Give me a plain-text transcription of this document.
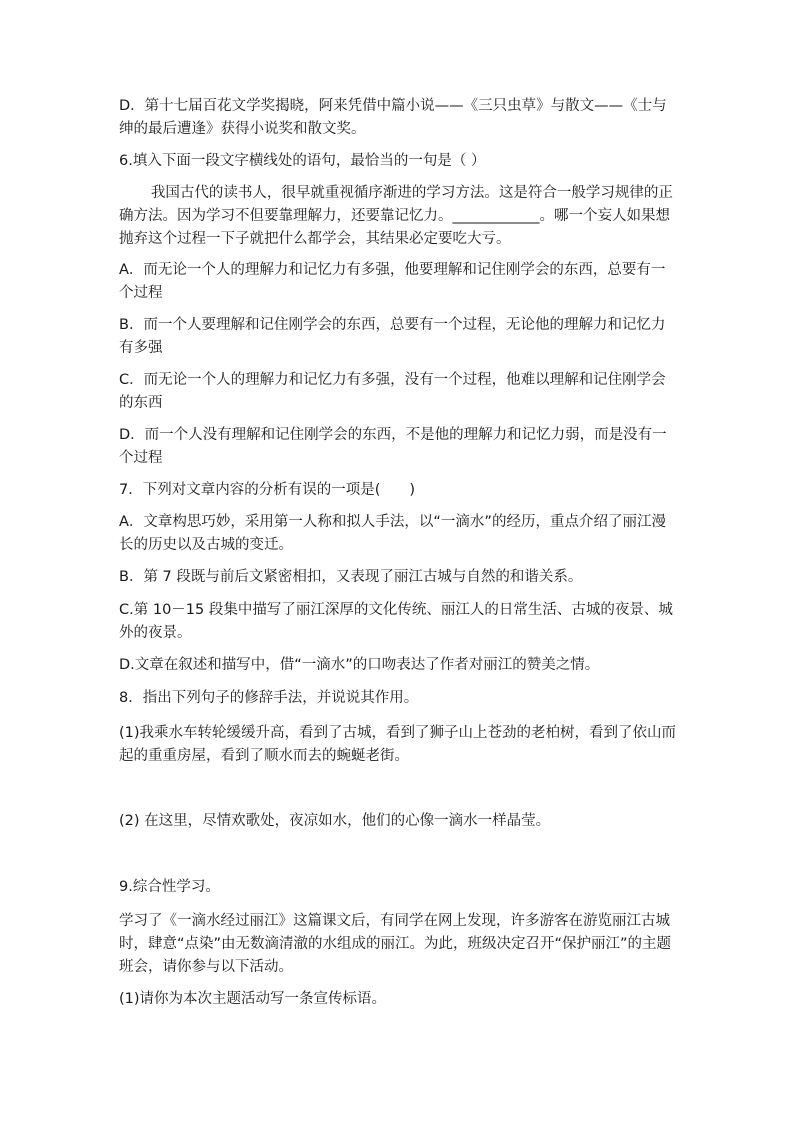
D．第十七届百花文学奖揭晓，阿来凭借中篇小说——《三只虫草》与散文——《士与绅的最后遭逢》获得小说奖和散文奖。

6.填入下面一段文字横线处的语句，最恰当的一句是（ ）

我国古代的读书人，很早就重视循序渐进的学习方法。这是符合一般学习规律的正确方法。因为学习不但要靠理解力，还要靠记忆力。____________。哪一个妄人如果想抛弃这个过程一下子就把什么都学会，其结果必定要吃大亏。

A．而无论一个人的理解力和记忆力有多强，他要理解和记住刚学会的东西，总要有一个过程

B．而一个人要理解和记住刚学会的东西，总要有一个过程，无论他的理解力和记忆力有多强

C．而无论一个人的理解力和记忆力有多强，没有一个过程，他难以理解和记住刚学会的东西

D．而一个人没有理解和记住刚学会的东西，不是他的理解力和记忆力弱，而是没有一个过程

7．下列对文章内容的分析有误的一项是(　　)

A．文章构思巧妙，采用第一人称和拟人手法，以“一滴水”的经历，重点介绍了丽江漫长的历史以及古城的变迁。

B．第 7 段既与前后文紧密相扣，又表现了丽江古城与自然的和谐关系。

C.第 10－15 段集中描写了丽江深厚的文化传统、丽江人的日常生活、古城的夜景、城外的夜景。

D.文章在叙述和描写中，借“一滴水”的口吻表达了作者对丽江的赞美之情。

8．指出下列句子的修辞手法，并说说其作用。

(1)我乘水车转轮缓缓升高，看到了古城，看到了狮子山上苍劲的老柏树，看到了依山而起的重重房屋，看到了顺水而去的蜿蜒老街。

(2) 在这里，尽情欢歌处，夜凉如水，他们的心像一滴水一样晶莹。

9.综合性学习。

学习了《一滴水经过丽江》这篇课文后，有同学在网上发现，许多游客在游览丽江古城时，肆意“点染”由无数滴清澈的水组成的丽江。为此，班级决定召开“保护丽江”的主题班会，请你参与以下活动。

(1)请你为本次主题活动写一条宣传标语。
